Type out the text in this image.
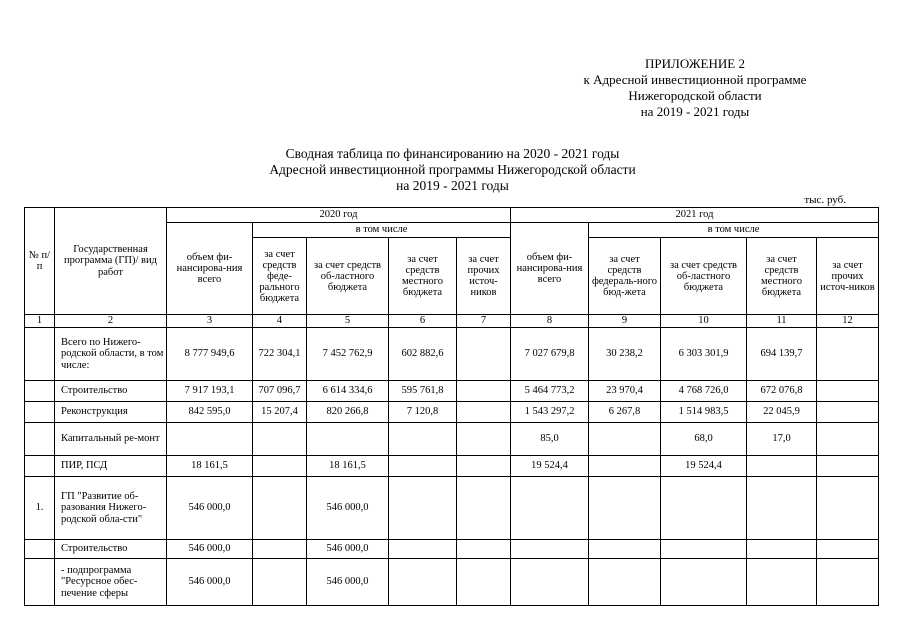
ПРИЛОЖЕНИЕ 2
к Адресной инвестиционной программе
Нижегородской области
на 2019 - 2021 годы
Сводная таблица по финансированию на 2020 - 2021 годы
Адресной инвестиционной программы Нижегородской области
на 2019 - 2021 годы
тыс. руб.
№ п/п	Государственная программа (ГП)/ вид работ	2020 год					2021 год				
		объем фи-нансирова-ния всего	в том числе				объем фи-нансирова-ния всего	в том числе			
			за счет средств феде-рального бюджета	за счет средств об-ластного бюджета	за счет средств местного бюджета	за счет прочих источ-ников		за счет средств федераль-ного бюд-жета	за счет средств об-ластного бюджета	за счет средств местного бюджета	за счет прочих источ-ников
1	2	3	4	5	6	7	8	9	10	11	12
	Всего по Нижего-родской области, в том числе:	8 777 949,6	722 304,1	7 452 762,9	602 882,6		7 027 679,8	30 238,2	6 303 301,9	694 139,7	
	Строительство	7 917 193,1	707 096,7	6 614 334,6	595 761,8		5 464 773,2	23 970,4	4 768 726,0	672 076,8	
	Реконструкция	842 595,0	15 207,4	820 266,8	7 120,8		1 543 297,2	6 267,8	1 514 983,5	22 045,9	
	Капитальный ре-монт						85,0		68,0	17,0	
	ПИР, ПСД	18 161,5		18 161,5			19 524,4		19 524,4		
1.	ГП "Развитие об-разования Нижего-родской обла-сти"	546 000,0		546 000,0							
	Строительство	546 000,0		546 000,0							
	- подпрограмма "Ресурсное обес-печение сферы	546 000,0		546 000,0							
